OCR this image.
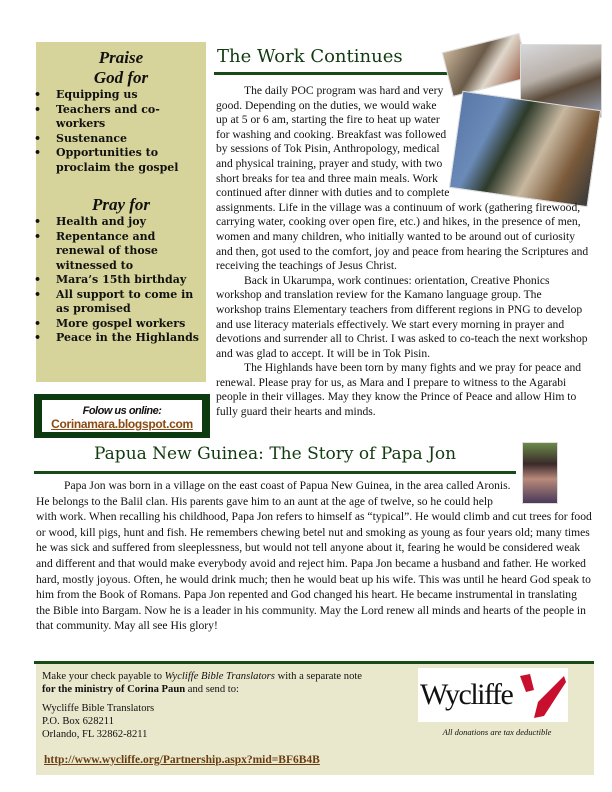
Praise
God for
• Equipping us
• Teachers and co-workers
• Sustenance
• Opportunities to proclaim the gospel
Pray for
• Health and joy
• Repentance and renewal of those witnessed to
• Mara’s 15th birthday
• All support to come in as promised
• More gospel workers
• Peace in the Highlands
Folow us online:
Corinamara.blogspot.com
The Work Continues

The daily POC program was hard and very good. Depending on the duties, we would wake up at 5 or 6 am, starting the fire to heat up water for washing and cooking. Breakfast was followed by sessions of Tok Pisin, Anthropology, medical and physical training, prayer and study, with two short breaks for tea and three main meals. Work continued after dinner with duties and to complete assignments. Life in the village was a continuum of work (gathering firewood, carrying water, cooking over open fire, etc.) and hikes, in the presence of men, women and many children, who initially wanted to be around out of curiosity and then, got used to the comfort, joy and peace from hearing the Scriptures and receiving the teachings of Jesus Christ.

Back in Ukarumpa, work continues: orientation, Creative Phonics workshop and translation review for the Kamano language group. The workshop trains Elementary teachers from different regions in PNG to develop and use literacy materials effectively. We start every morning in prayer and devotions and surrender all to Christ. I was asked to co-teach the next workshop and was glad to accept. It will be in Tok Pisin.

The Highlands have been torn by many fights and we pray for peace and renewal. Please pray for us, as Mara and I prepare to witness to the Agarabi people in their villages. May they know the Prince of Peace and allow Him to fully guard their hearts and minds.

Papua New Guinea: The Story of Papa Jon

Papa Jon was born in a village on the east coast of Papua New Guinea, in the area called Aronis. He belongs to the Balil clan. His parents gave him to an aunt at the age of twelve, so he could help with work. When recalling his childhood, Papa Jon refers to himself as “typical”. He would climb and cut trees for food or wood, kill pigs, hunt and fish. He remembers chewing betel nut and smoking as young as four years old; many times he was sick and suffered from sleeplessness, but would not tell anyone about it, fearing he would be considered weak and different and that would make everybody avoid and reject him. Papa Jon became a husband and father. He worked hard, mostly joyous. Often, he would drink much; then he would beat up his wife. This was until he heard God speak to him from the Book of Romans. Papa Jon repented and God changed his heart. He became instrumental in translating the Bible into Bargam. Now he is a leader in his community. May the Lord renew all minds and hearts of the people in that community. May all see His glory!

Make your check payable to Wycliffe Bible Translators with a separate note for the ministry of Corina Paun and send to:
Wycliffe Bible Translators
P.O. Box 628211
Orlando, FL 32862-8211
http://www.wycliffe.org/Partnership.aspx?mid=BF6B4B
Wycliffe
All donations are tax deductible
